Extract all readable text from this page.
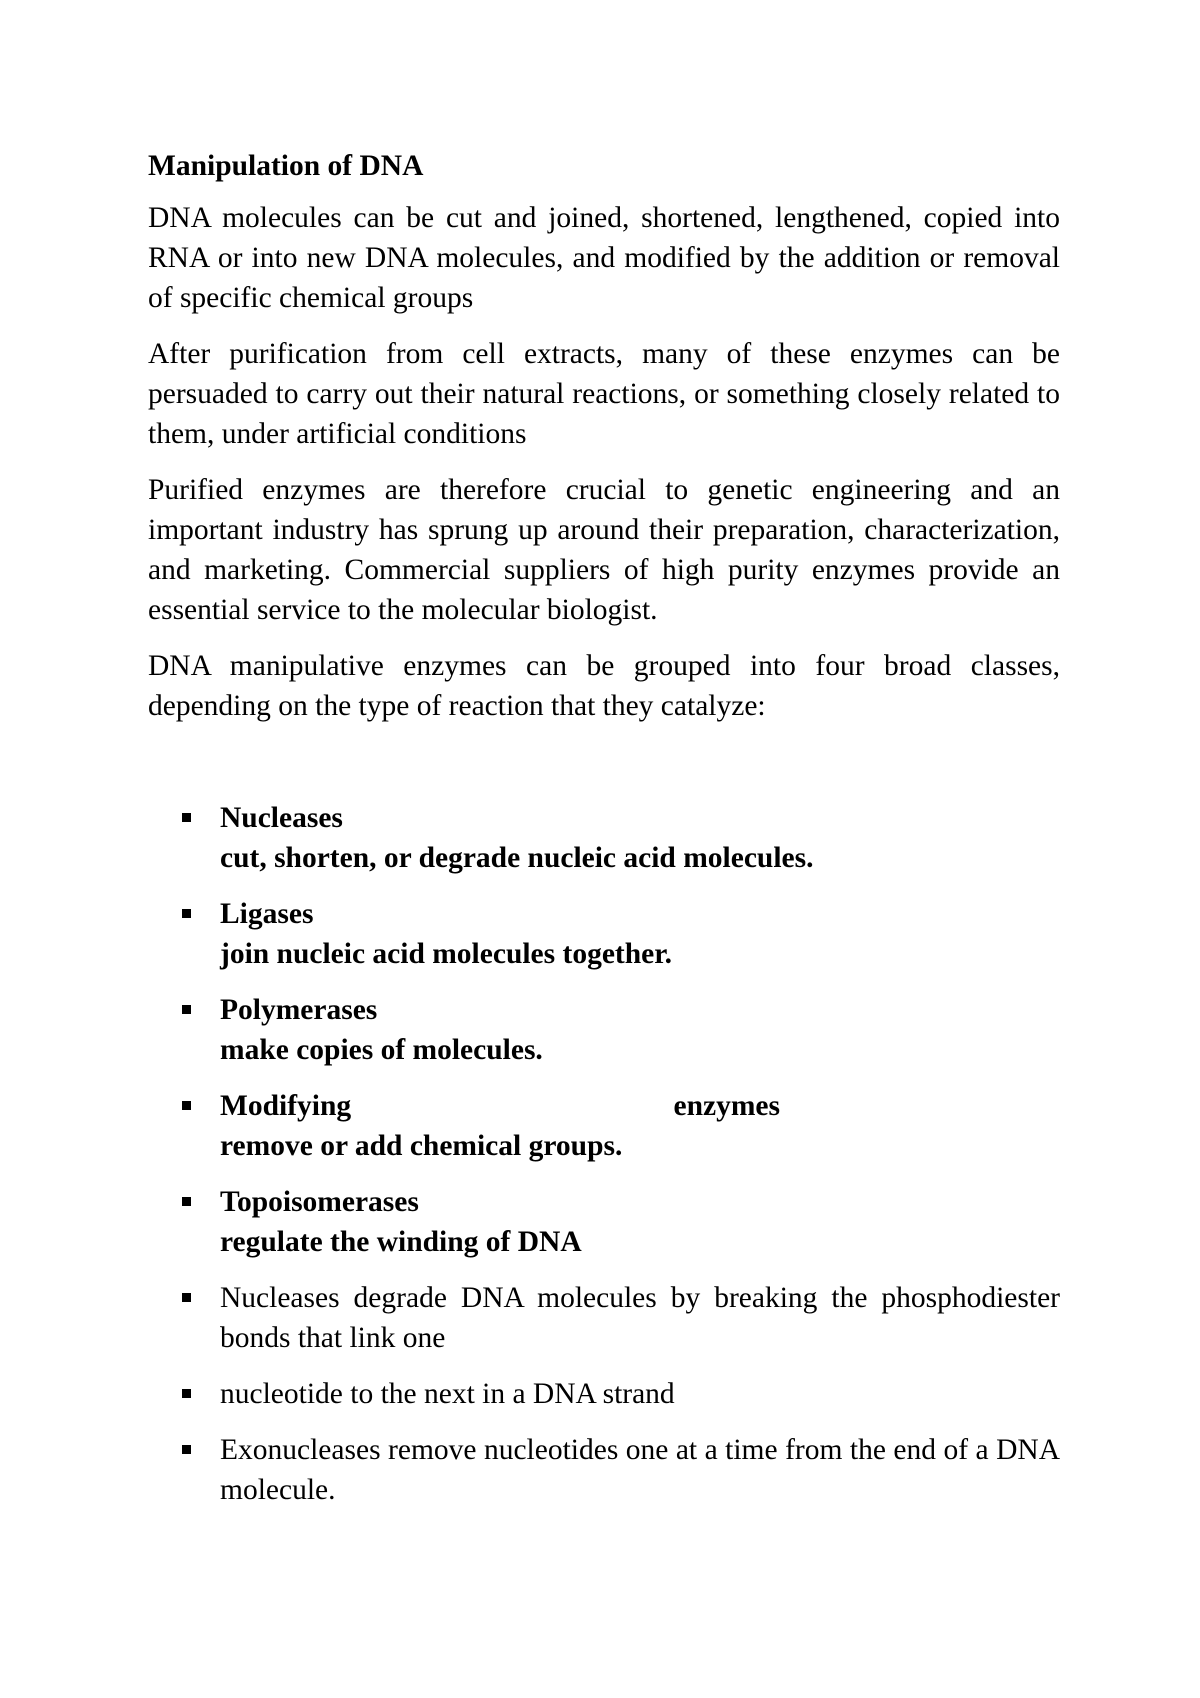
Manipulation of DNA

DNA molecules can be cut and joined, shortened, lengthened, copied into RNA or into new DNA molecules, and modified by the addition or removal of specific chemical groups

After purification from cell extracts, many of these enzymes can be persuaded to carry out their natural reactions, or something closely related to them, under artificial conditions

Purified enzymes are therefore crucial to genetic engineering and an important industry has sprung up around their preparation, characterization, and marketing. Commercial suppliers of high purity enzymes provide an essential service to the molecular biologist.

DNA manipulative enzymes can be grouped into four broad classes, depending on the type of reaction that they catalyze:

Nucleases
cut, shorten, or degrade nucleic acid molecules.
Ligases
join nucleic acid molecules together.
Polymerases
make copies of molecules.
Modifying	enzymes
remove or add chemical groups.
Topoisomerases
regulate the winding of DNA
Nucleases degrade DNA molecules by breaking the phosphodiester bonds that link one
nucleotide to the next in a DNA strand
Exonucleases remove nucleotides one at a time from the end of a DNA molecule.
